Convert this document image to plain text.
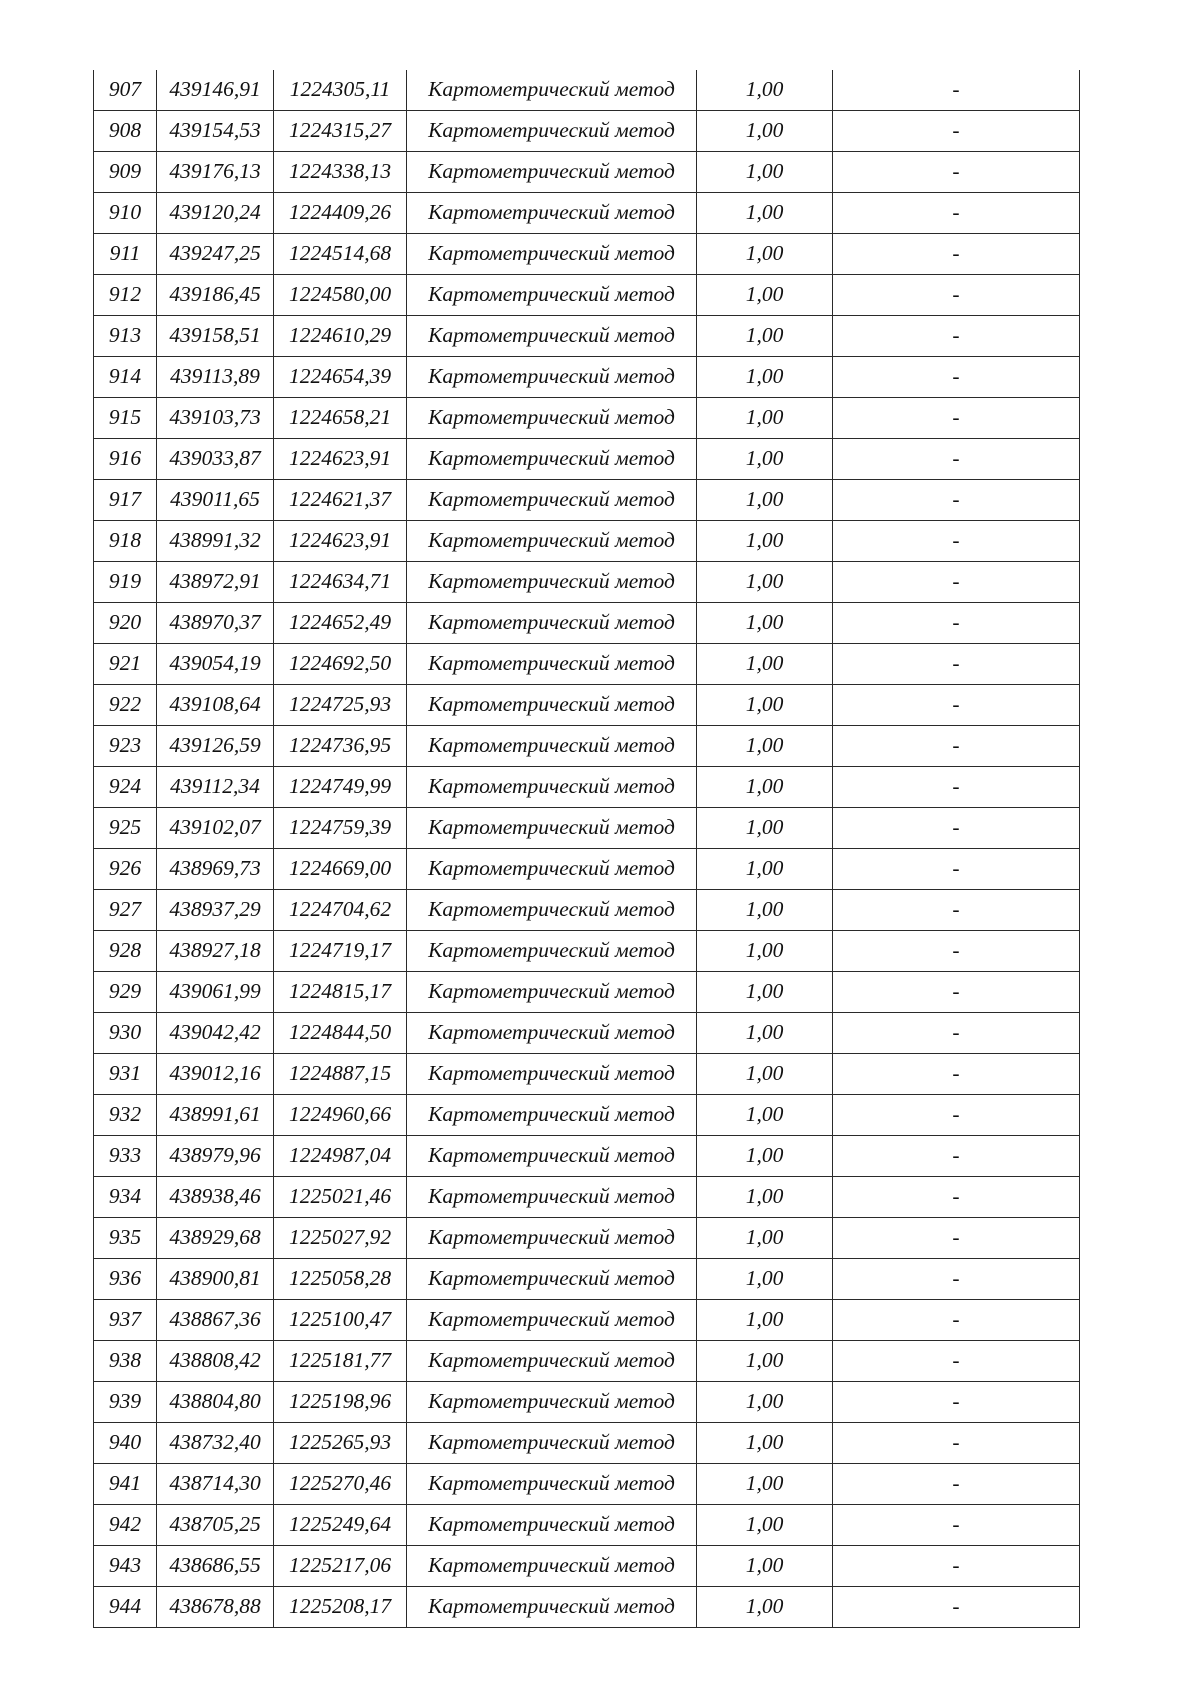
907	439146,91	1224305,11	Картометрический метод	1,00	-
908	439154,53	1224315,27	Картометрический метод	1,00	-
909	439176,13	1224338,13	Картометрический метод	1,00	-
910	439120,24	1224409,26	Картометрический метод	1,00	-
911	439247,25	1224514,68	Картометрический метод	1,00	-
912	439186,45	1224580,00	Картометрический метод	1,00	-
913	439158,51	1224610,29	Картометрический метод	1,00	-
914	439113,89	1224654,39	Картометрический метод	1,00	-
915	439103,73	1224658,21	Картометрический метод	1,00	-
916	439033,87	1224623,91	Картометрический метод	1,00	-
917	439011,65	1224621,37	Картометрический метод	1,00	-
918	438991,32	1224623,91	Картометрический метод	1,00	-
919	438972,91	1224634,71	Картометрический метод	1,00	-
920	438970,37	1224652,49	Картометрический метод	1,00	-
921	439054,19	1224692,50	Картометрический метод	1,00	-
922	439108,64	1224725,93	Картометрический метод	1,00	-
923	439126,59	1224736,95	Картометрический метод	1,00	-
924	439112,34	1224749,99	Картометрический метод	1,00	-
925	439102,07	1224759,39	Картометрический метод	1,00	-
926	438969,73	1224669,00	Картометрический метод	1,00	-
927	438937,29	1224704,62	Картометрический метод	1,00	-
928	438927,18	1224719,17	Картометрический метод	1,00	-
929	439061,99	1224815,17	Картометрический метод	1,00	-
930	439042,42	1224844,50	Картометрический метод	1,00	-
931	439012,16	1224887,15	Картометрический метод	1,00	-
932	438991,61	1224960,66	Картометрический метод	1,00	-
933	438979,96	1224987,04	Картометрический метод	1,00	-
934	438938,46	1225021,46	Картометрический метод	1,00	-
935	438929,68	1225027,92	Картометрический метод	1,00	-
936	438900,81	1225058,28	Картометрический метод	1,00	-
937	438867,36	1225100,47	Картометрический метод	1,00	-
938	438808,42	1225181,77	Картометрический метод	1,00	-
939	438804,80	1225198,96	Картометрический метод	1,00	-
940	438732,40	1225265,93	Картометрический метод	1,00	-
941	438714,30	1225270,46	Картометрический метод	1,00	-
942	438705,25	1225249,64	Картометрический метод	1,00	-
943	438686,55	1225217,06	Картометрический метод	1,00	-
944	438678,88	1225208,17	Картометрический метод	1,00	-
